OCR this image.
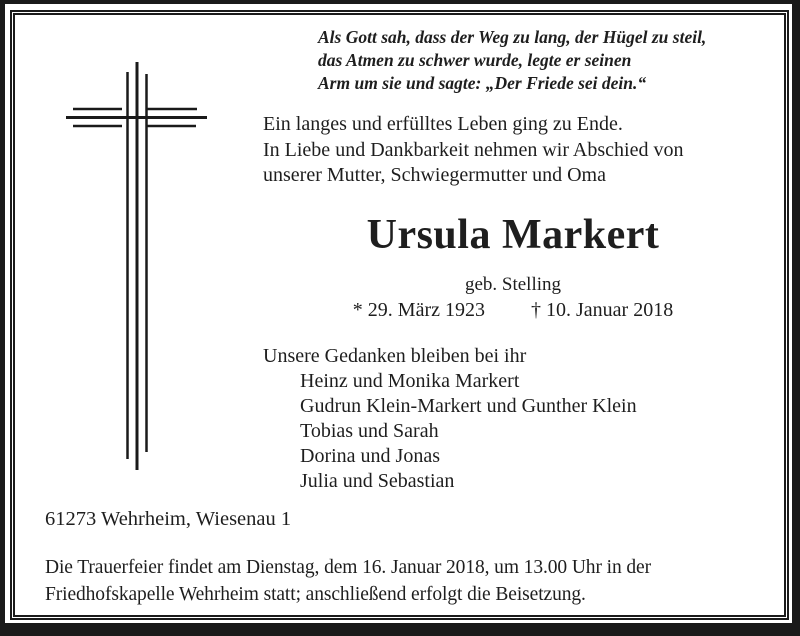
Als Gott sah, dass der Weg zu lang, der Hügel zu steil,
das Atmen zu schwer wurde, legte er seinen
Arm um sie und sagte: „Der Friede sei dein.“
Ein langes und erfülltes Leben ging zu Ende.
In Liebe und Dankbarkeit nehmen wir Abschied von
unserer Mutter, Schwiegermutter und Oma
Ursula Markert
geb. Stelling
* 29. März 1923 † 10. Januar 2018
Unsere Gedanken bleiben bei ihr
Heinz und Monika Markert
Gudrun Klein-Markert und Gunther Klein
Tobias und Sarah
Dorina und Jonas
Julia und Sebastian
61273 Wehrheim, Wiesenau 1
Die Trauerfeier findet am Dienstag, dem 16. Januar 2018, um 13.00 Uhr in der
Friedhofskapelle Wehrheim statt; anschließend erfolgt die Beisetzung.
